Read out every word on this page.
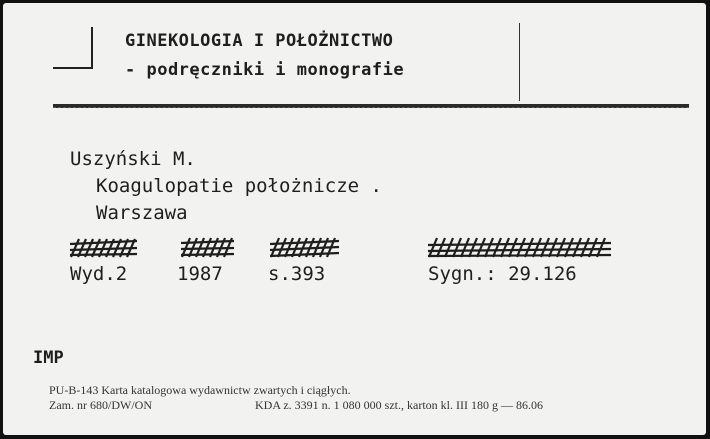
GINEKOLOGIA I POŁOŻNICTWO
- podręczniki i monografie
Uszyński M.
Koagulopatie położnicze .
Warszawa
Wyd.2	1987 s.393	Sygn.: 29.126
IMP
PU-B-143 Karta katalogowa wydawnictw zwartych i ciągłych.
Zam. nr 680/DW/ON	KDA z. 3391 n. 1 080 000 szt., karton kl. III 180 g — 86.06
